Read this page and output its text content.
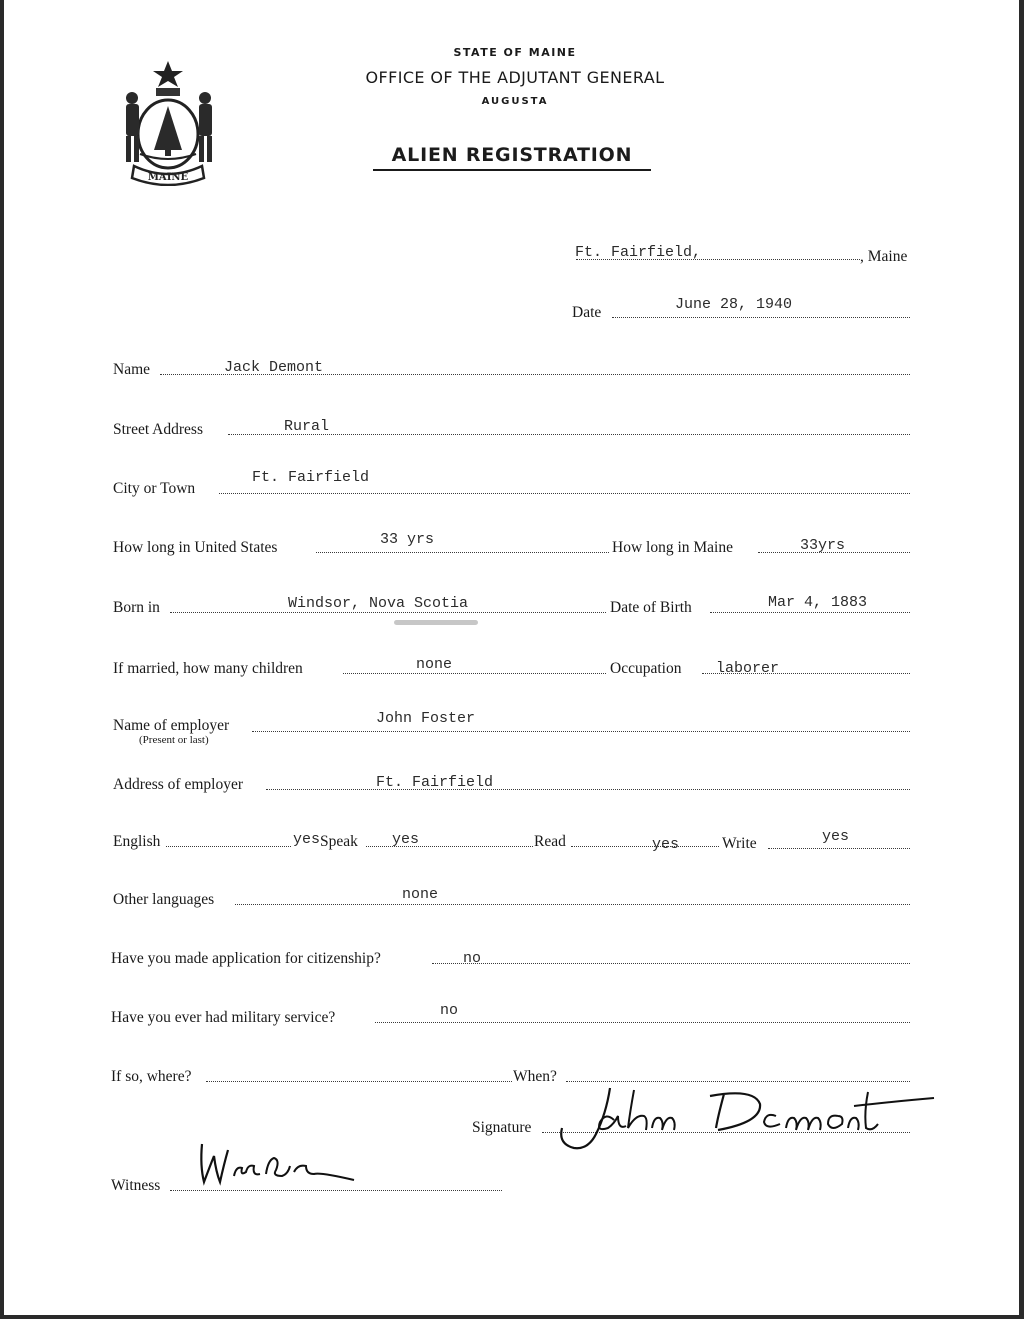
MAINE
STATE OF MAINE
OFFICE OF THE ADJUTANT GENERAL
AUGUSTA
ALIEN REGISTRATION
Ft. Fairfield,	, Maine
Date	June 28, 1940
Name	Jack Demont
Street Address	Rural
City or Town
Ft. Fairfield
How long in United States	33 yrs	How long in Maine	33yrs
Born in	Windsor, Nova Scotia	Date of Birth	Mar 4, 1883
If married, how many children	none	Occupation laborer
Name of employer
(Present or last)
John Foster
Address of employer	Ft. Fairfield
English	yes Speak yes	Read	yes	Write	yes
Other languages	none
Have you made application for citizenship?	no
Have you ever had military service?	no
If so, where?	When?
Signature
Witness
